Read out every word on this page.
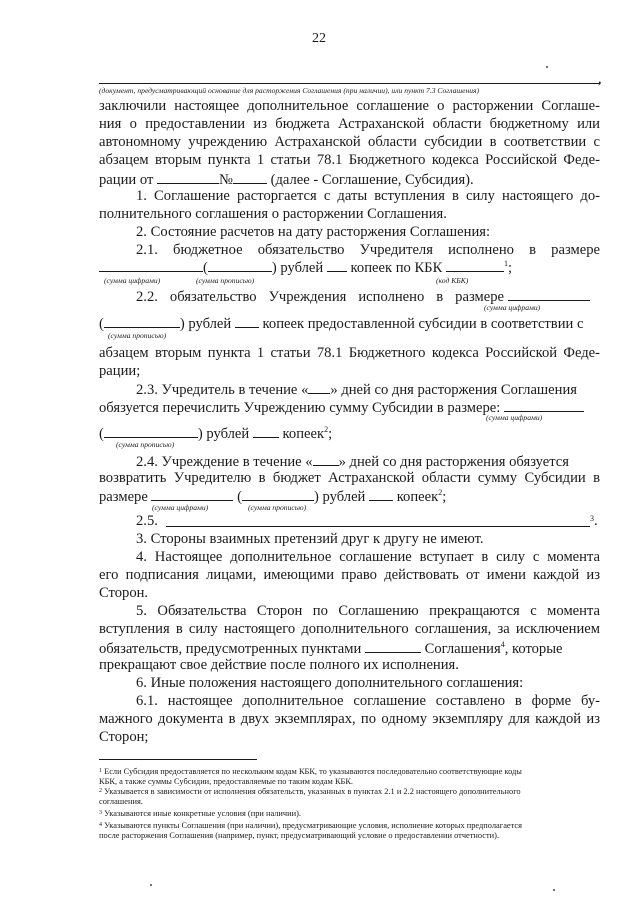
22
,
(документ, предусматривающий основание для расторжения Соглашения (при наличии), или пункт 7.3 Соглашения)
заключили настоящее дополнительное соглашение о расторжении Соглаше-
ния о предоставлении из бюджета Астраханской области бюджетному или
автономному учреждению Астраханской области субсидии в соответствии с
абзацем вторым пункта 1 статьи 78.1 Бюджетного кодекса Российской Феде-
рации от	№	(далее - Соглашение, Субсидия).
1. Соглашение расторгается с даты вступления в силу настоящего до-
полнительного соглашения о расторжении Соглашения.
2. Состояние расчетов на дату расторжения Соглашения:
2.1. бюджетное обязательство Учредителя исполнено в размере
(	) рублей копеек по КБК	$^1$;
(сумма цифрами)	(сумма прописью)	(код КБК)
2.2. обязательство Учреждения исполнено в размере
(сумма цифрами)
(	) рублей копеек предоставленной субсидии в соответствии с
(сумма прописью)
абзацем вторым пункта 1 статьи 78.1 Бюджетного кодекса Российской Феде-
рации;
2.3. Учредитель в течение « » дней со дня расторжения Соглашения
обязуется перечислить Учреждению сумму Субсидии в размере:
(сумма цифрами)
(	) рублей копеек$^2$;
(сумма прописью)
2.4. Учреждение в течение « » дней со дня расторжения обязуется
возвратить Учредителю в бюджет Астраханской области сумму Субсидии в
размере	(	) рублей копеек$^2$;
(сумма цифрами)	(сумма прописью)
2.5.	$^3$.
3. Стороны взаимных претензий друг к другу не имеют.
4. Настоящее дополнительное соглашение вступает в силу с момента
его подписания лицами, имеющими право действовать от имени каждой из
Сторон.
5. Обязательства Сторон по Соглашению прекращаются с момента
вступления в силу настоящего дополнительного соглашения, за исключением
обязательств, предусмотренных пунктами	Соглашения$^4$, которые
прекращают свое действие после полного их исполнения.
6. Иные положения настоящего дополнительного соглашения:
6.1. настоящее дополнительное соглашение составлено в форме бу-
мажного документа в двух экземплярах, по одному экземпляру для каждой из
Сторон;
$^1$ Если Субсидия предоставляется по нескольким кодам КБК, то указываются последовательно соответствующие коды
КБК, а также суммы Субсидии, предоставляемые по таким кодам КБК.
$^2$ Указывается в зависимости от исполнения обязательств, указанных в пунктах 2.1 и 2.2 настоящего дополнительного
соглашения.
$^3$ Указываются иные конкретные условия (при наличии).
$^4$ Указываются пункты Соглашения (при наличии), предусматривающие условия, исполнение которых предполагается
после расторжения Соглашения (например, пункт, предусматривающий условие о предоставлении отчетности).
